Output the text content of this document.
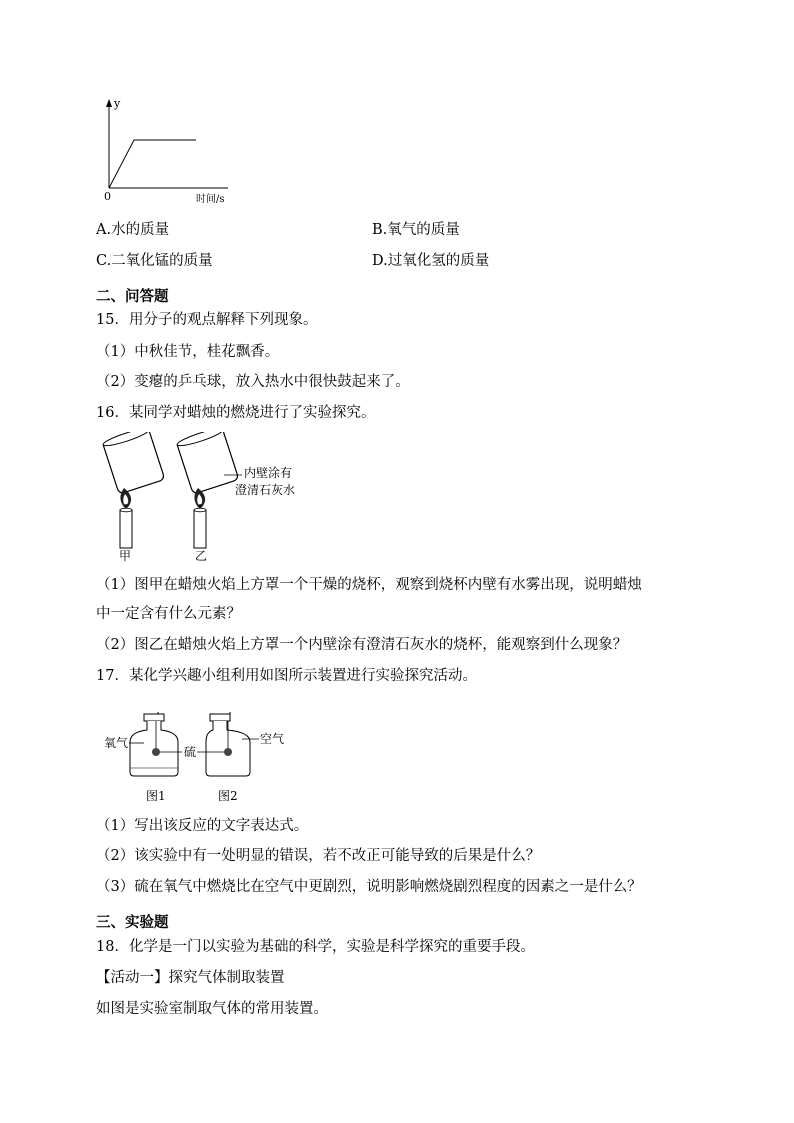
y
0	时间/s
A.水的质量	B.氧气的质量
C.二氧化锰的质量	D.过氧化氢的质量
二、问答题
15．用分子的观点解释下列现象。
（1）中秋佳节，桂花飘香。
（2）变瘪的乒乓球，放入热水中很快鼓起来了。
16．某同学对蜡烛的燃烧进行了实验探究。
甲	乙
内壁涂有
澄清石灰水
（1）图甲在蜡烛火焰上方罩一个干燥的烧杯，观察到烧杯内壁有水雾出现，说明蜡烛
中一定含有什么元素？
（2）图乙在蜡烛火焰上方罩一个内壁涂有澄清石灰水的烧杯，能观察到什么现象？
17．某化学兴趣小组利用如图所示装置进行实验探究活动。
氧气
硫
空气
图1	图2
（1）写出该反应的文字表达式。
（2）该实验中有一处明显的错误，若不改正可能导致的后果是什么？
（3）硫在氧气中燃烧比在空气中更剧烈，说明影响燃烧剧烈程度的因素之一是什么？
三、实验题
18．化学是一门以实验为基础的科学，实验是科学探究的重要手段。
【活动一】探究气体制取装置
如图是实验室制取气体的常用装置。
